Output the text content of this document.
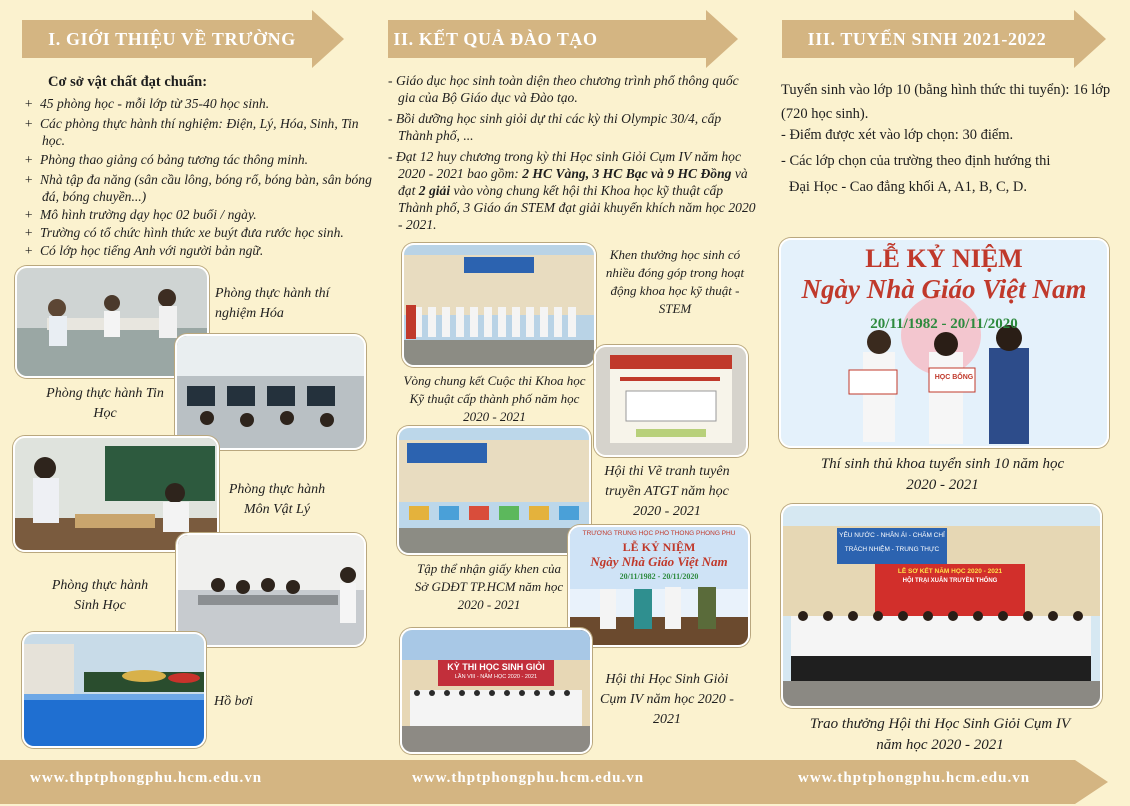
I. GIỚI THIỆU VỀ TRƯỜNG	II. KẾT QUẢ ĐÀO TẠO	III. TUYỂN SINH 2021-2022
Cơ sở vật chất đạt chuẩn:
+  45 phòng học - mỗi lớp từ 35-40 học sinh.
+  Các phòng thực hành thí nghiệm: Điện, Lý, Hóa, Sinh, Tin học.
+  Phòng thao giảng có bảng tương tác thông minh.
+  Nhà tập đa năng (sân cầu lông, bóng rổ, bóng bàn, sân bóng đá, bóng chuyền...)
+  Mô hình trường dạy học 02 buổi / ngày.
+  Trường có tổ chức hình thức xe buýt đưa rước học sinh.
+  Có lớp học tiếng Anh với người bản ngữ.
Phòng thực hành thí nghiệm Hóa
Phòng thực hành Tin Học
Phòng thực hành Môn Vật Lý
Phòng thực hành Sinh Học
Hồ bơi
- Giáo dục học sinh toàn diện theo chương trình phổ thông quốc gia của Bộ Giáo dục và Đào tạo.
- Bồi dưỡng học sinh giỏi dự thi các kỳ thi Olympic 30/4, cấp Thành phố, ...
- Đạt 12 huy chương trong kỳ thi Học sinh Giỏi Cụm IV năm học 2020 - 2021 bao gồm: 2 HC Vàng, 3 HC Bạc và 9 HC Đồng và đạt 2 giải vào vòng chung kết hội thi Khoa học kỹ thuật cấp Thành phố, 3 Giáo án STEM đạt giải khuyến khích năm học 2020 - 2021.
Khen thưởng học sinh có nhiều đóng góp trong hoạt động khoa học kỹ thuật - STEM
Vòng chung kết Cuộc thi Khoa học Kỹ thuật cấp thành phố năm học 2020 - 2021
Hội thi Vẽ tranh tuyên truyền ATGT năm học 2020 - 2021
TRƯỜNG TRUNG HỌC PHỔ THÔNG PHONG PHÚ
LỄ KỶ NIỆM
Ngày Nhà Giáo Việt Nam
20/11/1982 - 20/11/2020
Tập thể nhận giấy khen của Sở GDĐT TP.HCM năm học 2020 - 2021
KỲ THI HỌC SINH GIỎI
LẦN VIII - NĂM HỌC 2020 - 2021	Hội thi Học Sinh Giỏi Cụm IV năm học 2020 - 2021
Tuyển sinh vào lớp 10 (bằng hình thức thi tuyển): 16 lớp (720 học sinh).
- Điểm được xét vào lớp chọn: 30 điểm.
- Các lớp chọn của trường theo định hướng thi
Đại Học - Cao đẳng khối A, A1, B, C, D.
LỄ KỶ NIỆM
Ngày Nhà Giáo Việt Nam
20/11/1982 - 20/11/2020
HỌC BỔNG
Thí sinh thủ khoa tuyển sinh 10 năm học 2020 - 2021
YÊU NƯỚC - NHÂN ÁI - CHĂM CHỈ
TRÁCH NHIỆM - TRUNG THỰC
LỄ SƠ KẾT NĂM HỌC 2020 - 2021
HỘI TRẠI XUÂN TRUYỀN THỐNG
Trao thưởng Hội thi Học Sinh Giỏi Cụm IV năm học 2020 - 2021
www.thptphongphu.hcm.edu.vn	www.thptphongphu.hcm.edu.vn	www.thptphongphu.hcm.edu.vn
